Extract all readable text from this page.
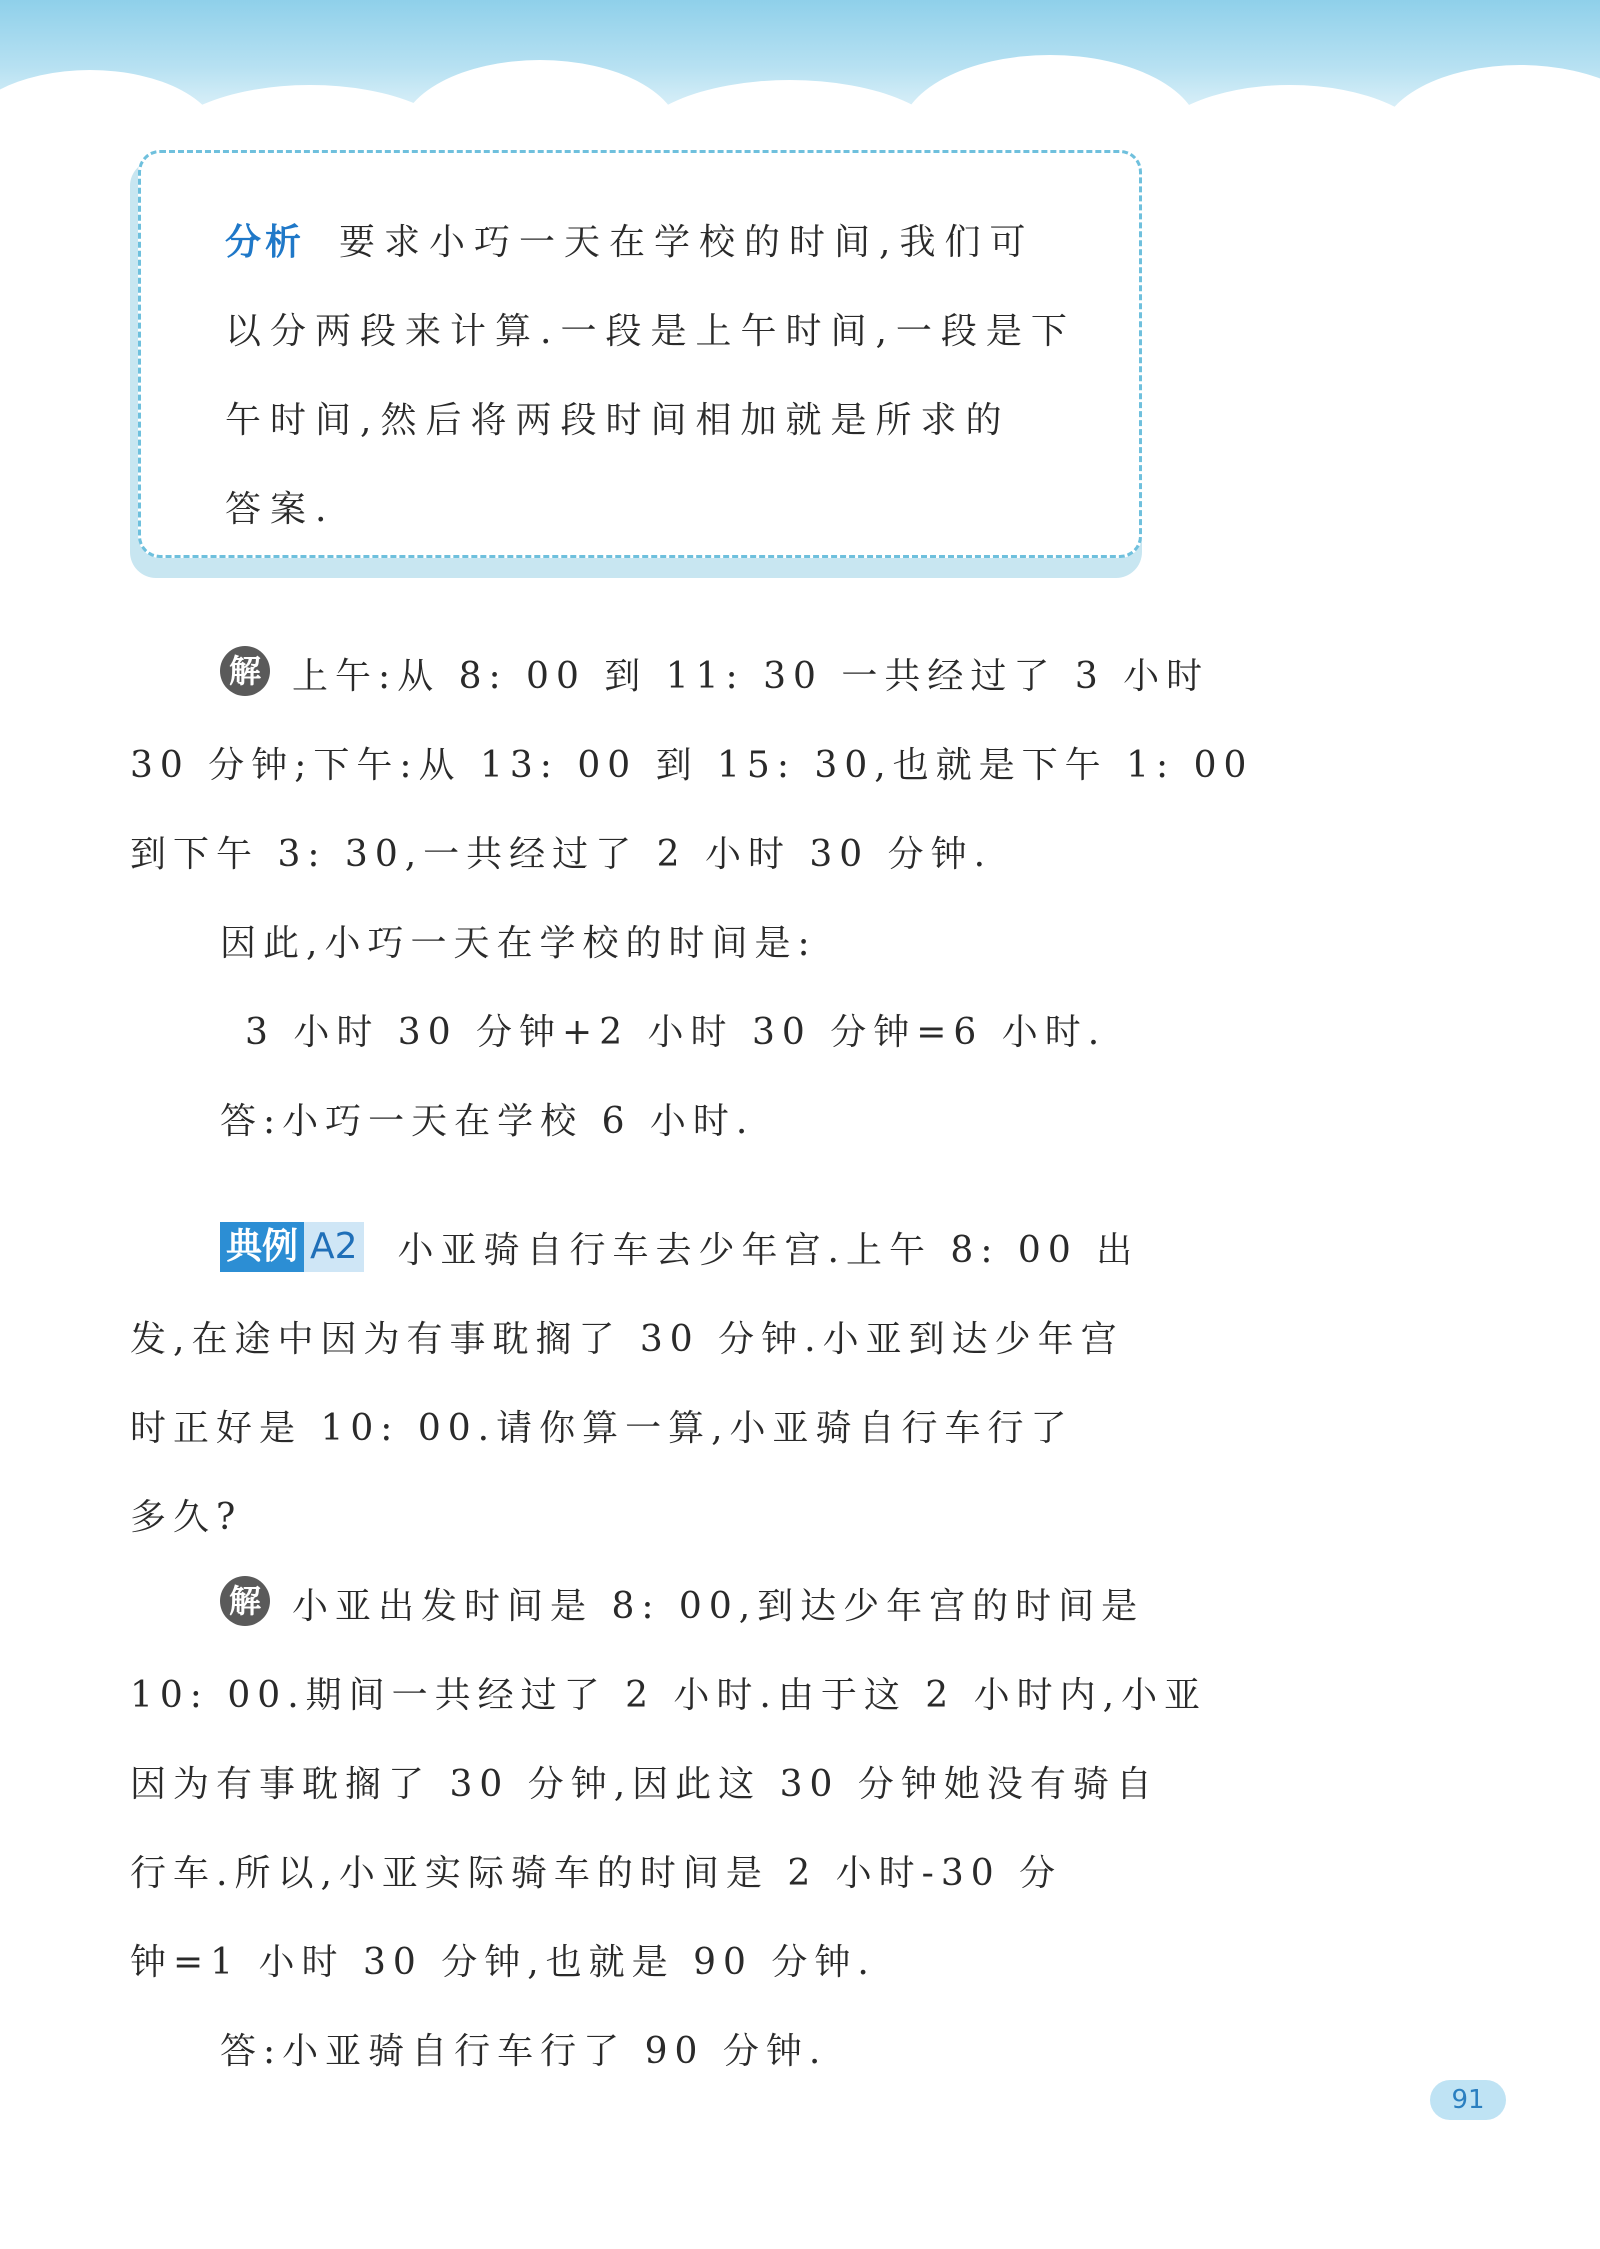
分析 要求小巧一天在学校的时间,我们可

以分两段来计算.一段是上午时间,一段是下

午时间,然后将两段时间相加就是所求的

答案.

解 上午:从 8: 00 到 11: 30 一共经过了 3 小时

30 分钟;下午:从 13: 00 到 15: 30,也就是下午 1: 00

到下午 3: 30,一共经过了 2 小时 30 分钟.

因此,小巧一天在学校的时间是:

3 小时 30 分钟+2 小时 30 分钟=6 小时.

答:小巧一天在学校 6 小时.

典例 A2 小亚骑自行车去少年宫.上午 8: 00 出

发,在途中因为有事耽搁了 30 分钟.小亚到达少年宫

时正好是 10: 00.请你算一算,小亚骑自行车行了

多久?

解 小亚出发时间是 8: 00,到达少年宫的时间是

10: 00.期间一共经过了 2 小时.由于这 2 小时内,小亚

因为有事耽搁了 30 分钟,因此这 30 分钟她没有骑自

行车.所以,小亚实际骑车的时间是 2 小时-30 分

钟=1 小时 30 分钟,也就是 90 分钟.

答:小亚骑自行车行了 90 分钟.

91
